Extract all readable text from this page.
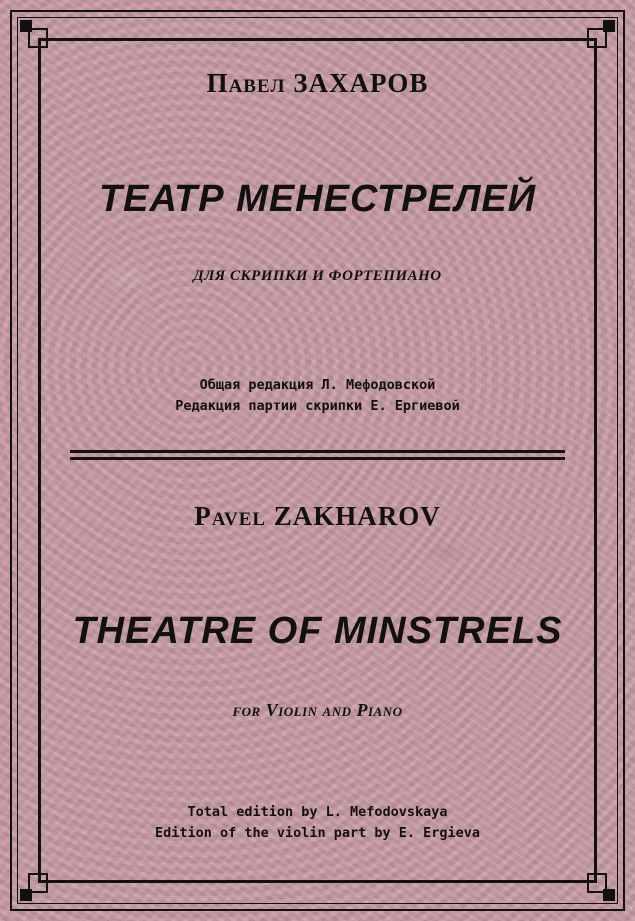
Павел ЗАХАРОВ
ТЕАТР МЕНЕСТРЕЛЕЙ
ДЛЯ СКРИПКИ И ФОРТЕПИАНО
Общая редакция Л. Мефодовской
Редакция партии скрипки Е. Ергиевой
Pavel ZAKHAROV
THEATRE OF MINSTRELS
for Violin and Piano
Total edition by L. Mefodovskaya
Edition of the violin part by E. Ergieva
